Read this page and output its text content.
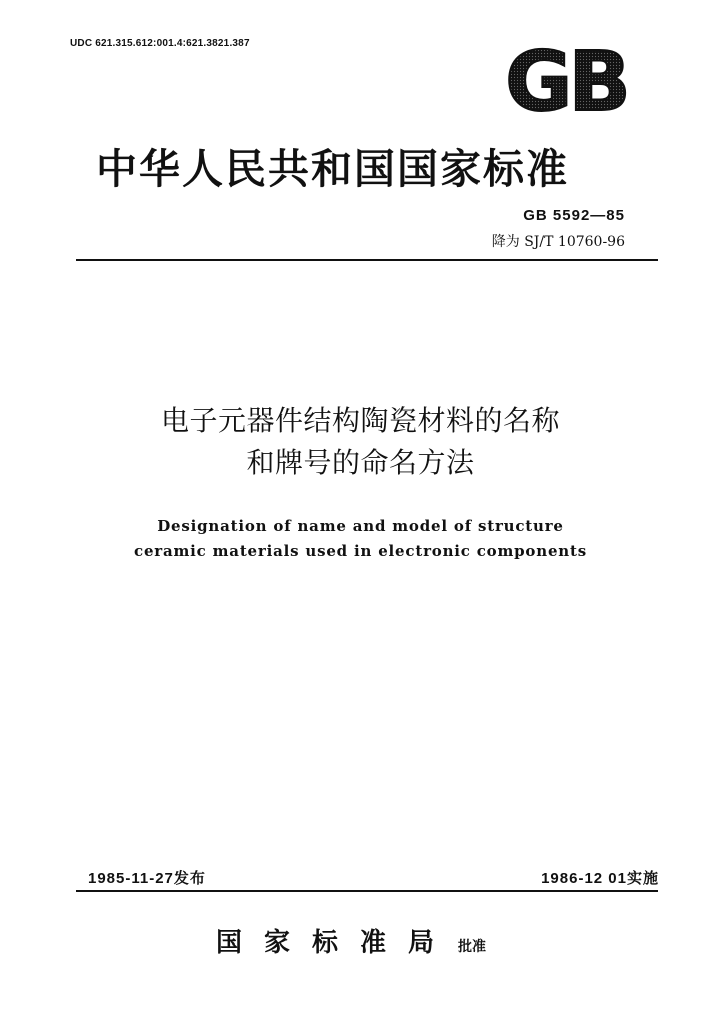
UDC 621.315.612:001.4:621.3821.387	GB
中华人民共和国国家标准
GB 5592—85
降为 SJ/T 10760-96
电子元器件结构陶瓷材料的名称
和牌号的命名方法
Designation of name and model of structure
ceramic materials used in electronic components
1985-11-27发布	1986-12 01实施
国家标准局 批准
